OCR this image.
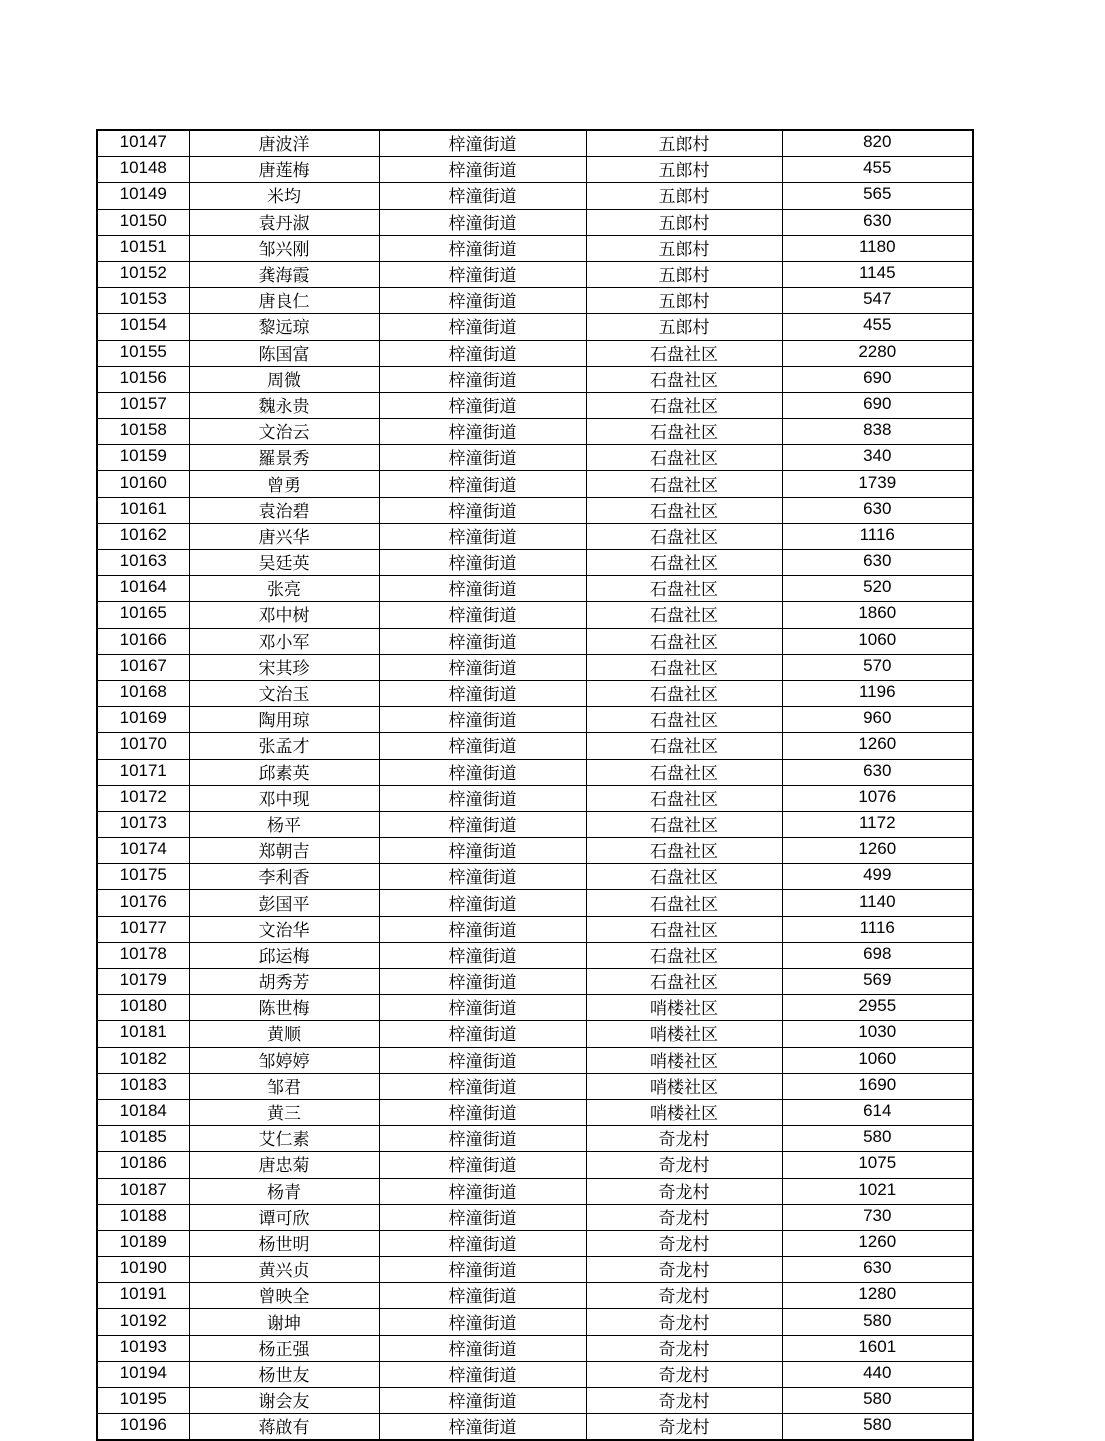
10147	唐波洋	梓潼街道	五郎村	820
10148	唐莲梅	梓潼街道	五郎村	455
10149	米均	梓潼街道	五郎村	565
10150	袁丹淑	梓潼街道	五郎村	630
10151	邹兴刚	梓潼街道	五郎村	1180
10152	龚海霞	梓潼街道	五郎村	1145
10153	唐良仁	梓潼街道	五郎村	547
10154	黎远琼	梓潼街道	五郎村	455
10155	陈国富	梓潼街道	石盘社区	2280
10156	周微	梓潼街道	石盘社区	690
10157	魏永贵	梓潼街道	石盘社区	690
10158	文治云	梓潼街道	石盘社区	838
10159	羅景秀	梓潼街道	石盘社区	340
10160	曾勇	梓潼街道	石盘社区	1739
10161	袁治碧	梓潼街道	石盘社区	630
10162	唐兴华	梓潼街道	石盘社区	1116
10163	吴廷英	梓潼街道	石盘社区	630
10164	张亮	梓潼街道	石盘社区	520
10165	邓中树	梓潼街道	石盘社区	1860
10166	邓小军	梓潼街道	石盘社区	1060
10167	宋其珍	梓潼街道	石盘社区	570
10168	文治玉	梓潼街道	石盘社区	1196
10169	陶用琼	梓潼街道	石盘社区	960
10170	张孟才	梓潼街道	石盘社区	1260
10171	邱素英	梓潼街道	石盘社区	630
10172	邓中现	梓潼街道	石盘社区	1076
10173	杨平	梓潼街道	石盘社区	1172
10174	郑朝吉	梓潼街道	石盘社区	1260
10175	李利香	梓潼街道	石盘社区	499
10176	彭国平	梓潼街道	石盘社区	1140
10177	文治华	梓潼街道	石盘社区	1116
10178	邱运梅	梓潼街道	石盘社区	698
10179	胡秀芳	梓潼街道	石盘社区	569
10180	陈世梅	梓潼街道	哨楼社区	2955
10181	黄顺	梓潼街道	哨楼社区	1030
10182	邹婷婷	梓潼街道	哨楼社区	1060
10183	邹君	梓潼街道	哨楼社区	1690
10184	黄三	梓潼街道	哨楼社区	614
10185	艾仁素	梓潼街道	奇龙村	580
10186	唐忠菊	梓潼街道	奇龙村	1075
10187	杨青	梓潼街道	奇龙村	1021
10188	谭可欣	梓潼街道	奇龙村	730
10189	杨世明	梓潼街道	奇龙村	1260
10190	黄兴贞	梓潼街道	奇龙村	630
10191	曾映全	梓潼街道	奇龙村	1280
10192	谢坤	梓潼街道	奇龙村	580
10193	杨正强	梓潼街道	奇龙村	1601
10194	杨世友	梓潼街道	奇龙村	440
10195	谢会友	梓潼街道	奇龙村	580
10196	蒋啟有	梓潼街道	奇龙村	580
